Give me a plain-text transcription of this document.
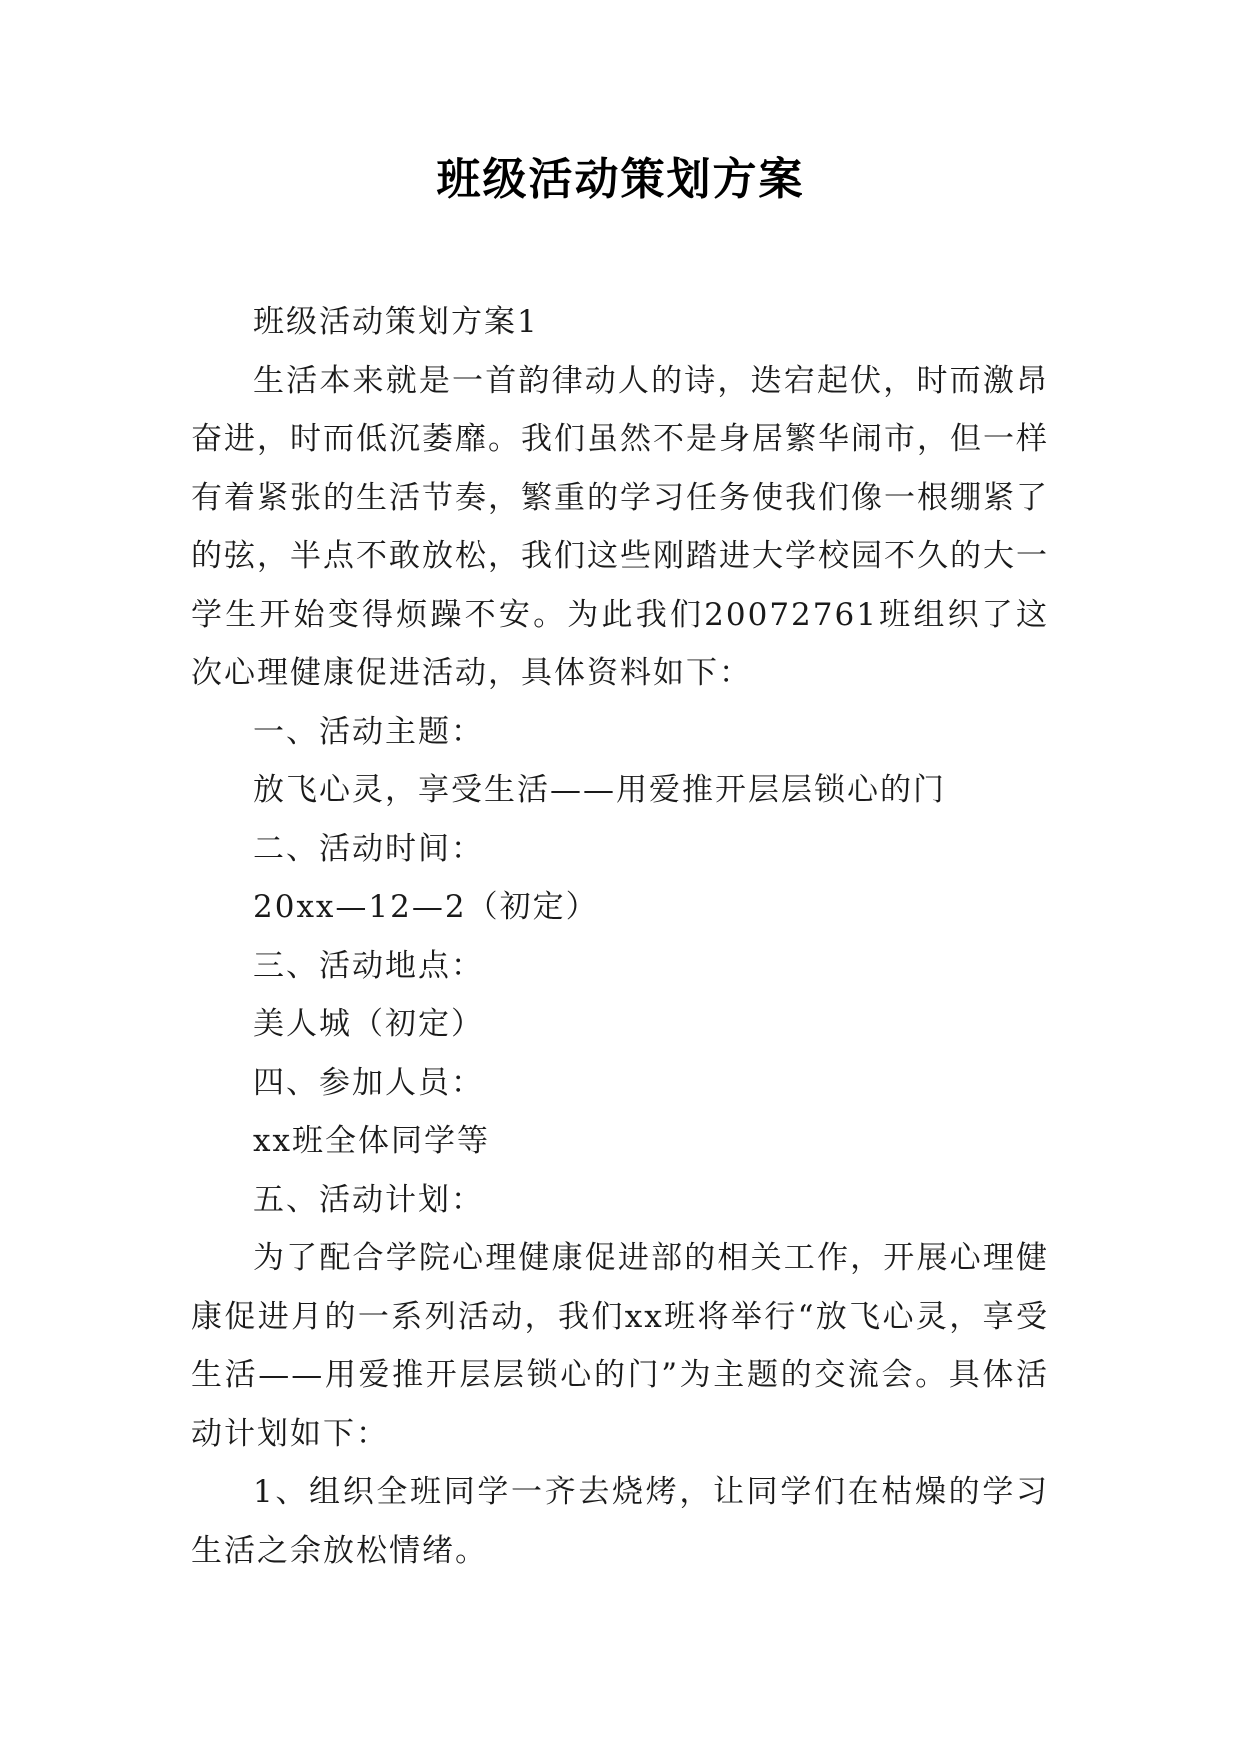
班级活动策划方案

班级活动策划方案1

生活本来就是一首韵律动人的诗，迭宕起伏，时而激昂奋进，时而低沉萎靡。我们虽然不是身居繁华闹市，但一样有着紧张的生活节奏，繁重的学习任务使我们像一根绷紧了的弦，半点不敢放松，我们这些刚踏进大学校园不久的大一学生开始变得烦躁不安。为此我们20072761班组织了这次心理健康促进活动，具体资料如下：

一、活动主题：

放飞心灵，享受生活——用爱推开层层锁心的门

二、活动时间：

20xx—12—2（初定）

三、活动地点：

美人城（初定）

四、参加人员：

xx班全体同学等

五、活动计划：

为了配合学院心理健康促进部的相关工作，开展心理健康促进月的一系列活动，我们xx班将举行“放飞心灵，享受生活——用爱推开层层锁心的门”为主题的交流会。具体活动计划如下：

1、组织全班同学一齐去烧烤，让同学们在枯燥的学习生活之余放松情绪。
